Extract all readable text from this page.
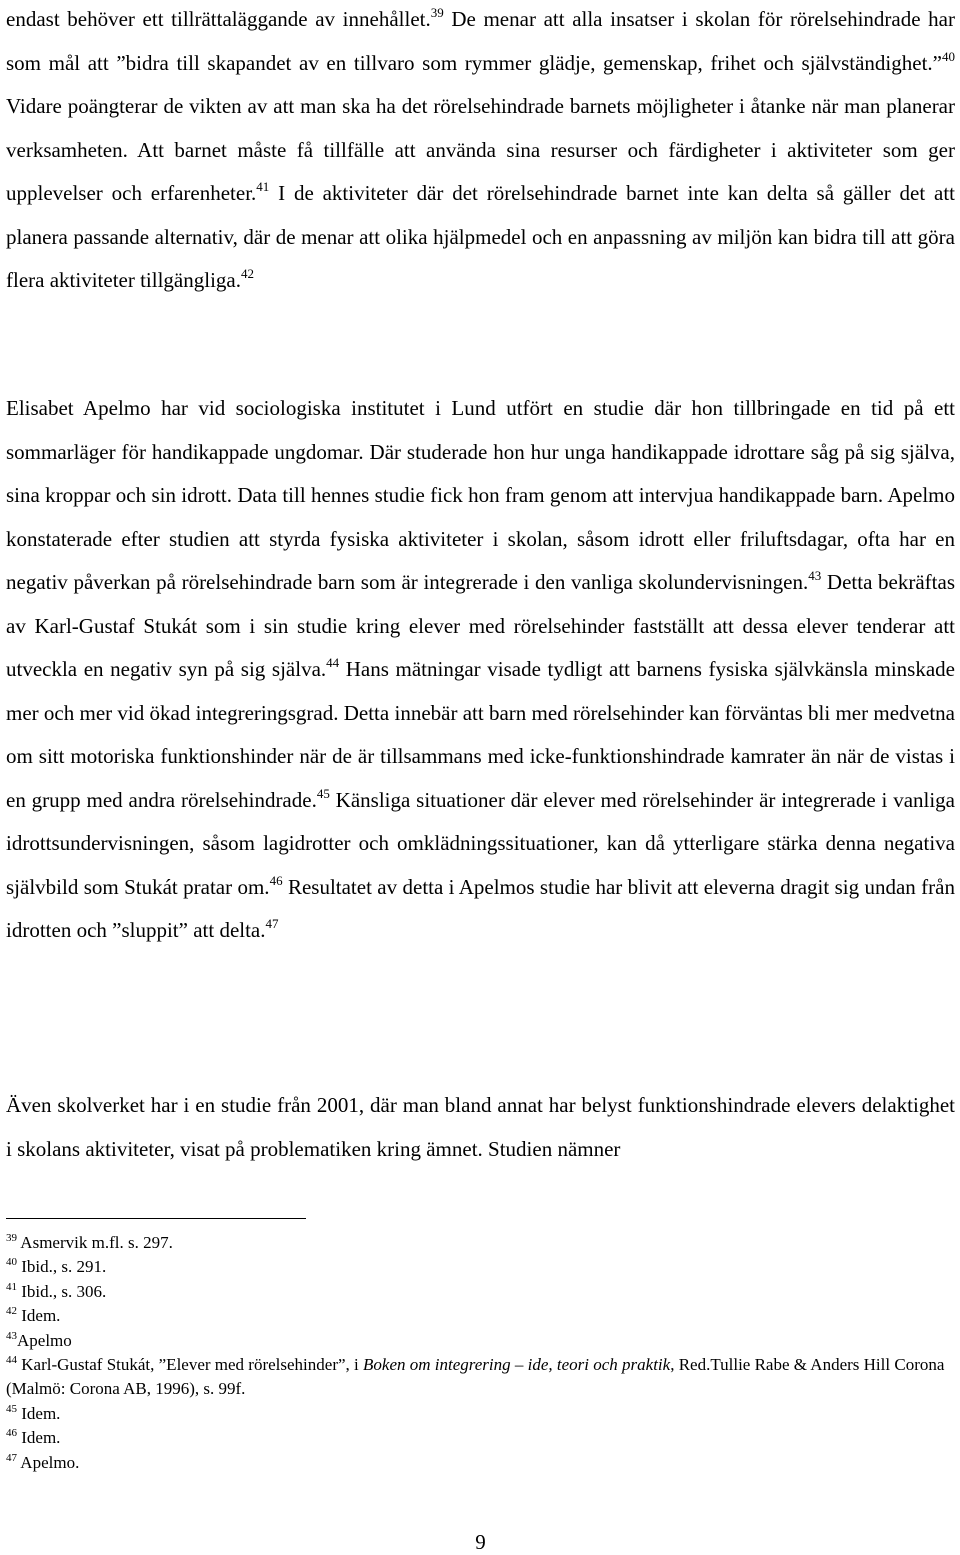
endast behöver ett tillrättaläggande av innehållet.$^{39}$ De menar att alla insatser i skolan för rörelsehindrade har som mål att ”bidra till skapandet av en tillvaro som rymmer glädje, gemenskap, frihet och självständighet.”$^{40}$ Vidare poängterar de vikten av att man ska ha det rörelsehindrade barnets möjligheter i åtanke när man planerar verksamheten. Att barnet måste få tillfälle att använda sina resurser och färdigheter i aktiviteter som ger upplevelser och erfarenheter.$^{41}$ I de aktiviteter där det rörelsehindrade barnet inte kan delta så gäller det att planera passande alternativ, där de menar att olika hjälpmedel och en anpassning av miljön kan bidra till att göra flera aktiviteter tillgängliga.$^{42}$

Elisabet Apelmo har vid sociologiska institutet i Lund utfört en studie där hon tillbringade en tid på ett sommarläger för handikappade ungdomar. Där studerade hon hur unga handikappade idrottare såg på sig själva, sina kroppar och sin idrott. Data till hennes studie fick hon fram genom att intervjua handikappade barn. Apelmo konstaterade efter studien att styrda fysiska aktiviteter i skolan, såsom idrott eller friluftsdagar, ofta har en negativ påverkan på rörelsehindrade barn som är integrerade i den vanliga skolundervisningen.$^{43}$ Detta bekräftas av Karl-Gustaf Stukát som i sin studie kring elever med rörelsehinder fastställt att dessa elever tenderar att utveckla en negativ syn på sig själva.$^{44}$ Hans mätningar visade tydligt att barnens fysiska självkänsla minskade mer och mer vid ökad integreringsgrad. Detta innebär att barn med rörelsehinder kan förväntas bli mer medvetna om sitt motoriska funktionshinder när de är tillsammans med icke-funktionshindrade kamrater än när de vistas i en grupp med andra rörelsehindrade.$^{45}$ Känsliga situationer där elever med rörelsehinder är integrerade i vanliga idrottsundervisningen, såsom lagidrotter och omklädningssituationer, kan då ytterligare stärka denna negativa självbild som Stukát pratar om.$^{46}$ Resultatet av detta i Apelmos studie har blivit att eleverna dragit sig undan från idrotten och ”sluppit” att delta.$^{47}$

Även skolverket har i en studie från 2001, där man bland annat har belyst funktionshindrade elevers delaktighet i skolans aktiviteter, visat på problematiken kring ämnet. Studien nämner

$^{39}$ Asmervik m.fl. s. 297.

$^{40}$ Ibid., s. 291.

$^{41}$ Ibid., s. 306.

$^{42}$ Idem.

$^{43}$Apelmo

$^{44}$ Karl-Gustaf Stukát, ”Elever med rörelsehinder”, i Boken om integrering – ide, teori och praktik, Red.Tullie Rabe & Anders Hill Corona (Malmö: Corona AB, 1996), s. 99f.

$^{45}$ Idem.

$^{46}$ Idem.

$^{47}$ Apelmo.

9
